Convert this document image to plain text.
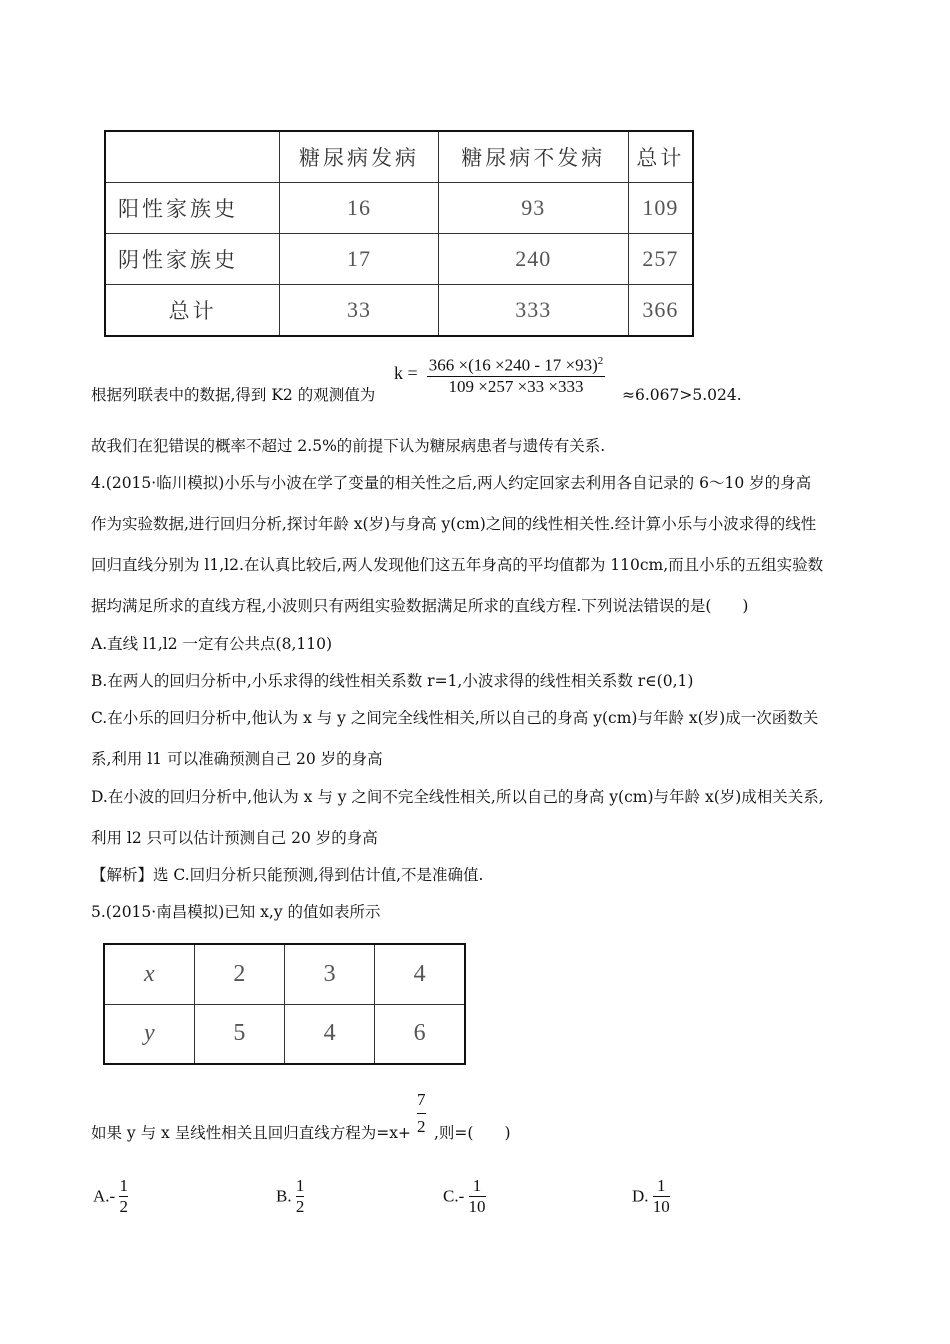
	糖尿病发病	糖尿病不发病	总计
阳性家族史	16	93	109
阴性家族史	17	240	257
总计	33	333	366
$k = \frac{366 \times(16 \times 240 - 17 \times 93)^2}{109 \times 257 \times 33 \times 333}$
根据列联表中的数据,得到 K2 的观测值为	≈6.067>5.024.
故我们在犯错误的概率不超过 2.5%的前提下认为糖尿病患者与遗传有关系.
4.(2015·临川模拟)小乐与小波在学了变量的相关性之后,两人约定回家去利用各自记录的 6～10 岁的身高
作为实验数据,进行回归分析,探讨年龄 x(岁)与身高 y(cm)之间的线性相关性.经计算小乐与小波求得的线性
回归直线分别为 l1,l2.在认真比较后,两人发现他们这五年身高的平均值都为 110cm,而且小乐的五组实验数
据均满足所求的直线方程,小波则只有两组实验数据满足所求的直线方程.下列说法错误的是(　　)
A.直线 l1,l2 一定有公共点(8,110)
B.在两人的回归分析中,小乐求得的线性相关系数 r=1,小波求得的线性相关系数 r∈(0,1)
C.在小乐的回归分析中,他认为 x 与 y 之间完全线性相关,所以自己的身高 y(cm)与年龄 x(岁)成一次函数关
系,利用 l1 可以准确预测自己 20 岁的身高
D.在小波的回归分析中,他认为 x 与 y 之间不完全线性相关,所以自己的身高 y(cm)与年龄 x(岁)成相关关系,
利用 l2 只可以估计预测自己 20 岁的身高
【解析】选 C.回归分析只能预测,得到估计值,不是准确值.
5.(2015·南昌模拟)已知 x,y 的值如表所示
x	2	3	4
y	5	4	6
如果 y 与 x 呈线性相关且回归直线方程为$=x+ \frac{7}{2}$ ,则=(　　)
$A.- \frac{1}{2}$	B. $\frac{1}{2}$	$C.- \frac{1}{10}$	D. $\frac{1}{10}$
